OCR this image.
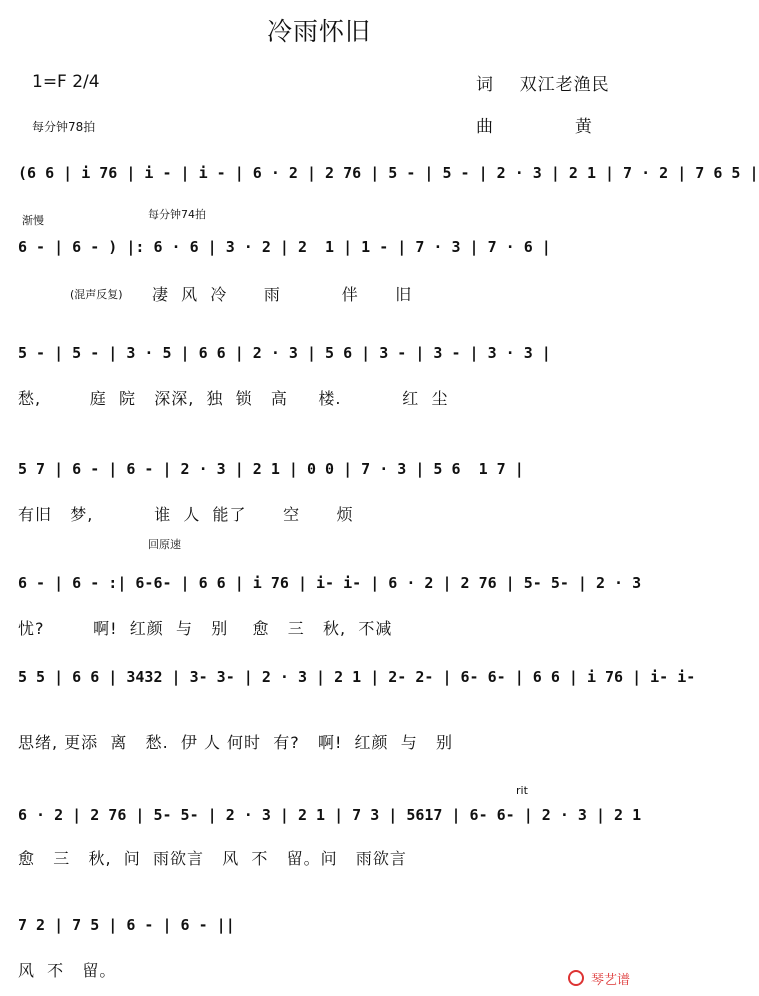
冷雨怀旧
1=F 2/4
每分钟78拍
词 双江老渔民
曲	黄
(6 6 | i 76 | i - | i - | 6 · 2 | 2 76 | 5 - | 5 - | 2 · 3 | 2 1 | 7 · 2 | 7 6 5 |
渐慢	每分钟74拍
6 - | 6 - ) |: 6 · 6 | 3 · 2 | 2  1 | 1 - | 7 · 3 | 7 · 6 |
(混声反复) 凄  风  冷      雨          伴      旧
5 - | 5 - | 3 · 5 | 6 6 | 2 · 3 | 5 6 | 3 - | 3 - | 3 · 3 |
愁,        庭  院   深深,  独  锁   高     楼.          红  尘
5 7 | 6 - | 6 - | 2 · 3 | 2 1 | 0 0 | 7 · 3 | 5 6  1 7 |
有旧   梦,          谁  人  能了      空      烦
回原速
6 - | 6 - :| 6-6- | 6 6 | i 76 | i- i- | 6 · 2 | 2 76 | 5- 5- | 2 · 3
忧?        啊!  红颜  与   别    愈   三   秋,  不减
5 5 | 6 6 | 3432 | 3- 3- | 2 · 3 | 2 1 | 2- 2- | 6- 6- | 6 6 | i 76 | i- i-
思绪, 更添  离   愁.  伊 人 何时  有?   啊!  红颜  与   别
rit
6 · 2 | 2 76 | 5- 5- | 2 · 3 | 2 1 | 7 3 | 5617 | 6- 6- | 2 · 3 | 2 1
愈   三   秋,  问  雨欲言   风  不   留。问   雨欲言
7 2 | 7 5 | 6 - | 6 - ||
风  不   留。
琴艺谱
